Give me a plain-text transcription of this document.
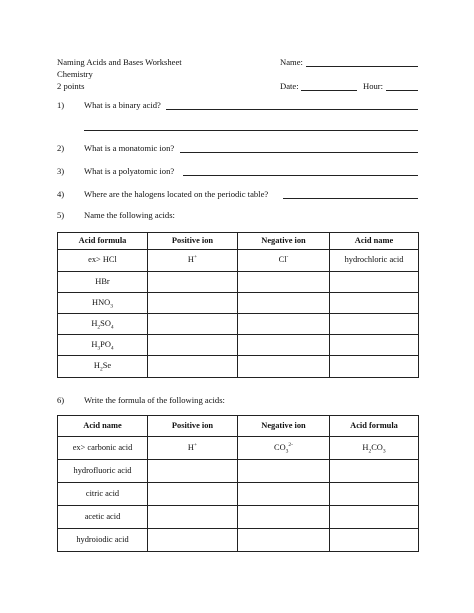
Naming Acids and Bases Worksheet
Chemistry
2 points
Name:
Date:	Hour:
1) What is a binary acid?
2) What is a monatomic ion?
3) What is a polyatomic ion?
4) Where are the halogens located on the periodic table?
5) Name the following acids:
Acid formula	Positive ion	Negative ion	Acid name
ex> HCl	H+	Cl-	hydrochloric acid
HBr			
$HNO_3$			
$H_2SO_4$			
$H_3PO_4$			
$H_2Se$			
6) Write the formula of the following acids:
Acid name	Positive ion	Negative ion	Acid formula
ex> carbonic acid	H+	$CO_3^{2-}$	$H_2CO_3$
hydrofluoric acid			
citric acid			
acetic acid			
hydroiodic acid			
